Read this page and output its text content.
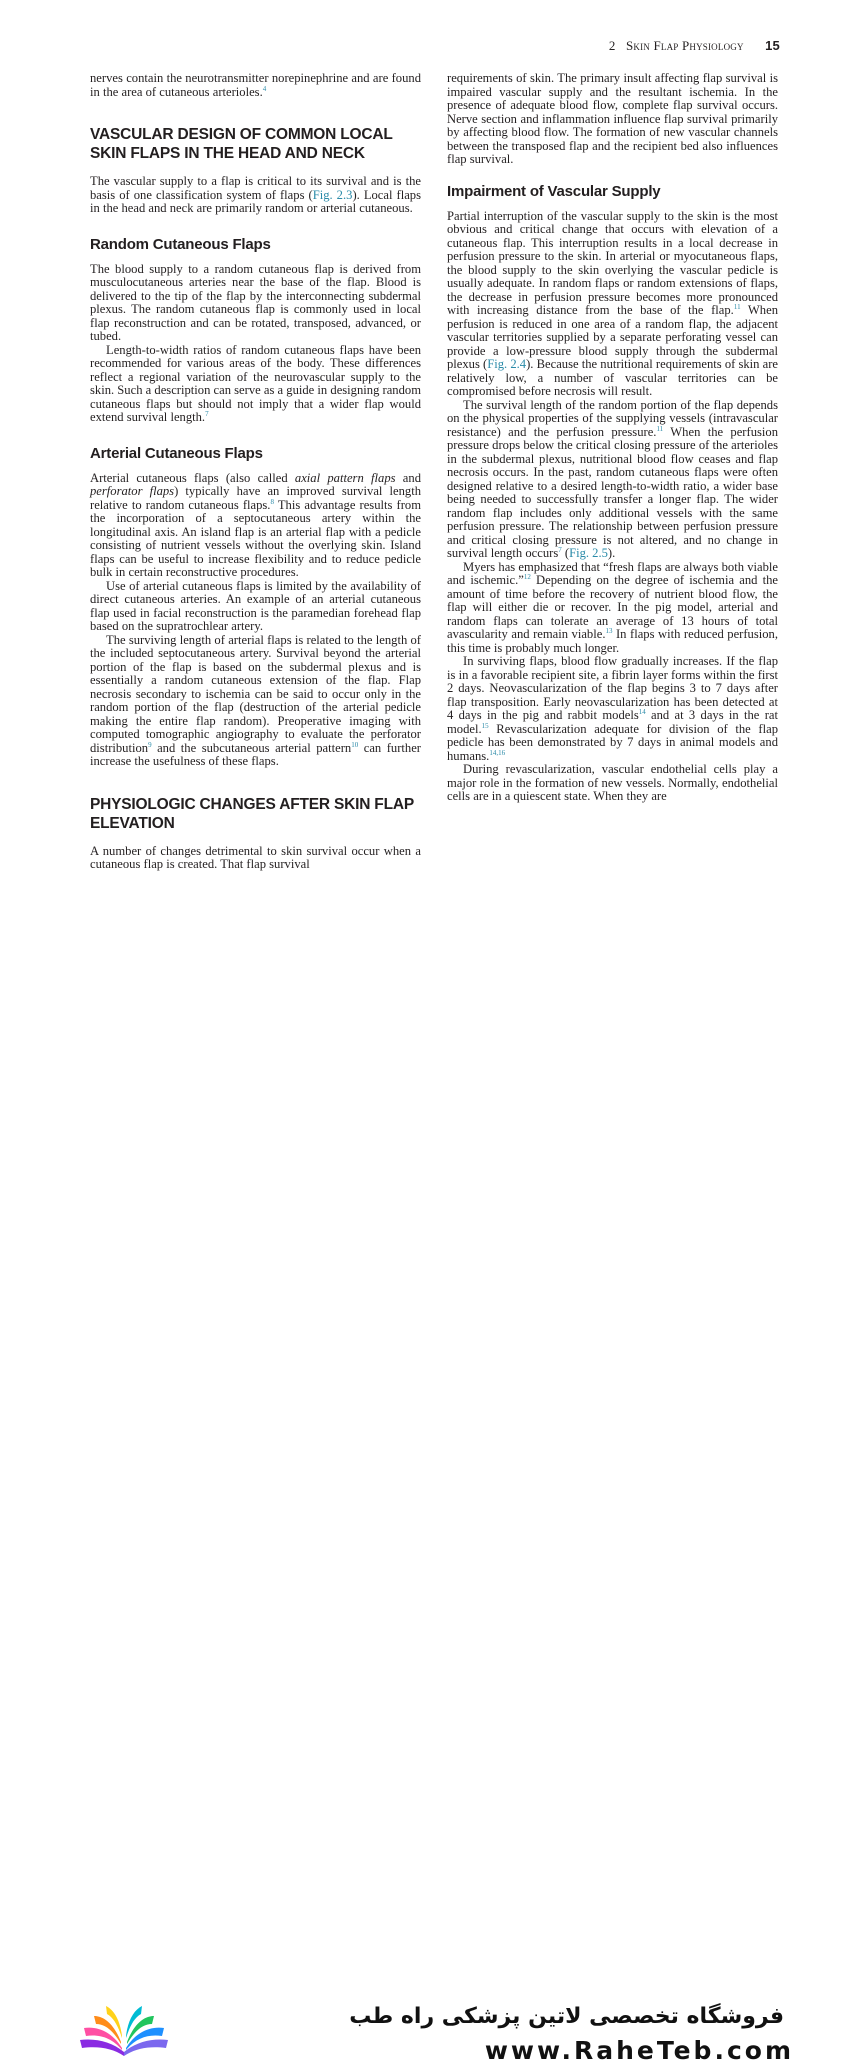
2 Skin Flap Physiology 15

nerves contain the neurotransmitter norepinephrine and are found in the area of cutaneous arterioles.$^4$

VASCULAR DESIGN OF COMMON LOCAL SKIN FLAPS IN THE HEAD AND NECK

The vascular supply to a flap is critical to its survival and is the basis of one classification system of flaps (Fig. 2.3). Local flaps in the head and neck are primarily random or arterial cutaneous.

Random Cutaneous Flaps

The blood supply to a random cutaneous flap is derived from musculocutaneous arteries near the base of the flap. Blood is delivered to the tip of the flap by the interconnecting subdermal plexus. The random cutaneous flap is commonly used in local flap reconstruction and can be rotated, transposed, advanced, or tubed.

Length-to-width ratios of random cutaneous flaps have been recommended for various areas of the body. These differences reflect a regional variation of the neurovascular supply to the skin. Such a description can serve as a guide in designing random cutaneous flaps but should not imply that a wider flap would extend survival length.$^7$

Arterial Cutaneous Flaps

Arterial cutaneous flaps (also called axial pattern flaps and perforator flaps) typically have an improved survival length relative to random cutaneous flaps.$^8$ This advantage results from the incorporation of a septocutaneous artery within the longitudinal axis. An island flap is an arterial flap with a pedicle consisting of nutrient vessels without the overlying skin. Island flaps can be useful to increase flexibility and to reduce pedicle bulk in certain reconstructive procedures.

Use of arterial cutaneous flaps is limited by the availability of direct cutaneous arteries. An example of an arterial cutaneous flap used in facial reconstruction is the paramedian forehead flap based on the supratrochlear artery.

The surviving length of arterial flaps is related to the length of the included septocutaneous artery. Survival beyond the arterial portion of the flap is based on the subdermal plexus and is essentially a random cutaneous extension of the flap. Flap necrosis secondary to ischemia can be said to occur only in the random portion of the flap (destruction of the arterial pedicle making the entire flap random). Preoperative imaging with computed tomographic angiography to evaluate the perforator distribution$^9$ and the subcutaneous arterial pattern$^{10}$ can further increase the usefulness of these flaps.

PHYSIOLOGIC CHANGES AFTER SKIN FLAP ELEVATION

A number of changes detrimental to skin survival occur when a cutaneous flap is created. That flap survival

requirements of skin. The primary insult affecting flap survival is impaired vascular supply and the resultant ischemia. In the presence of adequate blood flow, complete flap survival occurs. Nerve section and inflammation influence flap survival primarily by affecting blood flow. The formation of new vascular channels between the transposed flap and the recipient bed also influences flap survival.

Impairment of Vascular Supply

Partial interruption of the vascular supply to the skin is the most obvious and critical change that occurs with elevation of a cutaneous flap. This interruption results in a local decrease in perfusion pressure to the skin. In arterial or myocutaneous flaps, the blood supply to the skin overlying the vascular pedicle is usually adequate. In random flaps or random extensions of flaps, the decrease in perfusion pressure becomes more pronounced with increasing distance from the base of the flap.$^{11}$ When perfusion is reduced in one area of a random flap, the adjacent vascular territories supplied by a separate perforating vessel can provide a low-pressure blood supply through the subdermal plexus (Fig. 2.4). Because the nutritional requirements of skin are relatively low, a number of vascular territories can be compromised before necrosis will result.

The survival length of the random portion of the flap depends on the physical properties of the supplying vessels (intravascular resistance) and the perfusion pressure.$^{11}$ When the perfusion pressure drops below the critical closing pressure of the arterioles in the subdermal plexus, nutritional blood flow ceases and flap necrosis occurs. In the past, random cutaneous flaps were often designed relative to a desired length-to-width ratio, a wider base being needed to successfully transfer a longer flap. The wider random flap includes only additional vessels with the same perfusion pressure. The relationship between perfusion pressure and critical closing pressure is not altered, and no change in survival length occurs$^7$ (Fig. 2.5).

Myers has emphasized that “fresh flaps are always both viable and ischemic.”$^{12}$ Depending on the degree of ischemia and the amount of time before the recovery of nutrient blood flow, the flap will either die or recover. In the pig model, arterial and random flaps can tolerate an average of 13 hours of total avascularity and remain viable.$^{13}$ In flaps with reduced perfusion, this time is probably much longer.

In surviving flaps, blood flow gradually increases. If the flap is in a favorable recipient site, a fibrin layer forms within the first 2 days. Neovascularization of the flap begins 3 to 7 days after flap transposition. Early neovascularization has been detected at 4 days in the pig and rabbit models$^{14}$ and at 3 days in the rat model.$^{15}$ Revascularization adequate for division of the flap pedicle has been demonstrated by 7 days in animal models and humans.$^{14,16}$

During revascularization, vascular endothelial cells play a major role in the formation of new vessels. Normally, endothelial cells are in a quiescent state. When they are

فروشگاه تخصصی لاتین پزشکی راه طب
www.RaheTeb.com
